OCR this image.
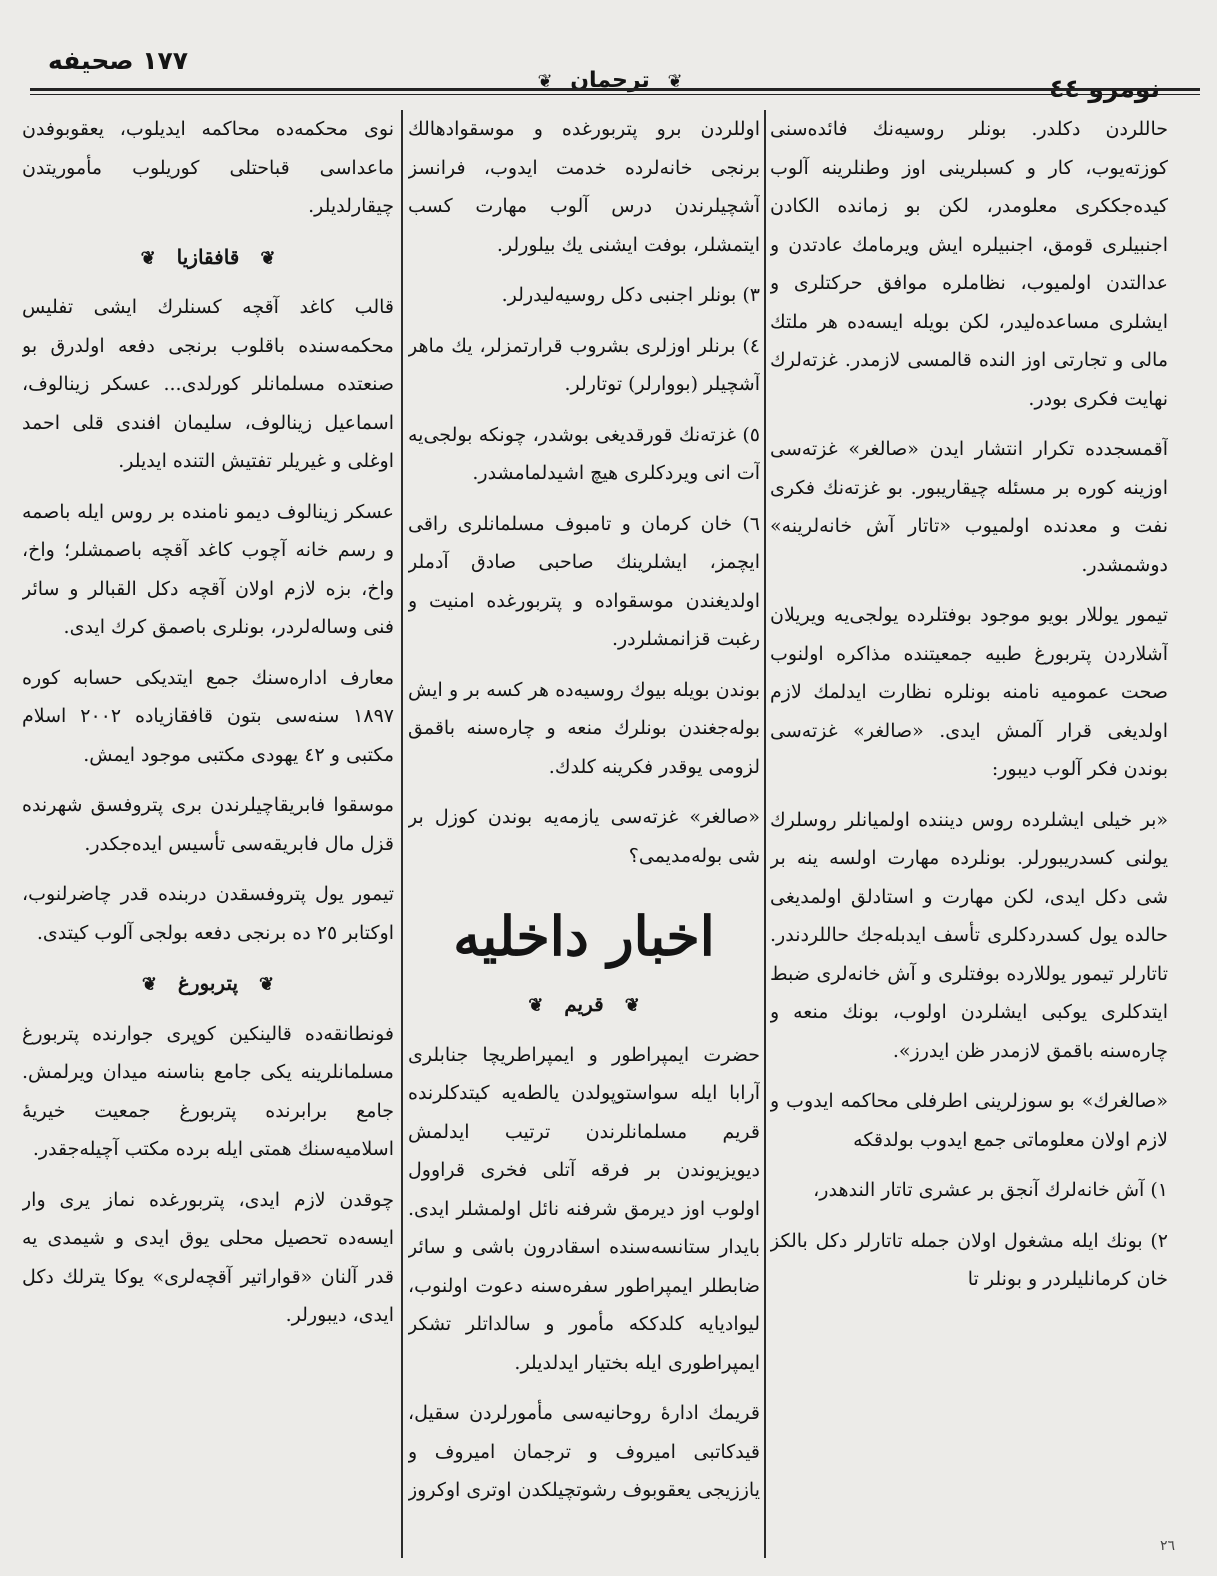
١٧٧ صحيفه
❦ ترجمان ❦	نومرو ٤٤

حاللردن دكلدر. بونلر روسيه‌نك فائده‌سنى كوزته‌يوب، كار و كسبلرينى اوز وطنلرينه آلوب كيده‌جككرى معلومدر، لكن بو زمانده الكادن اجنبيلرى قومق، اجنبيلره ايش ويرمامك عادتدن و عدالتدن اولميوب، نظاملره موافق حركتلرى و ايشلرى مساعده‌ليدر، لكن بويله ايسه‌ده هر ملتك مالى و تجارتى اوز النده قالمسى لازمدر. غزته‌لرك نهايت فكرى بودر.

آقمسجدده تكرار انتشار ايدن «صالغر» غزته‌سى اوزينه كوره بر مسئله چيقاريبور. بو غزته‌نك فكرى نفت و معدنده اولميوب «تاتار آش خانه‌لرينه» دوشمشدر.

تيمور يوللار بويو موجود بوفتلرده يولجى‌يه ويريلان آشلاردن پتربورغ طبيه جمعيتنده مذاكره اولنوب صحت عموميه نامنه بونلره نظارت ايدلمك لازم اولديغى قرار آلمش ايدى. «صالغر» غزته‌سى بوندن فكر آلوب ديبور:

«بر خيلى ايشلرده روس ديننده اولميانلر روسلرك يولنى كسدريبورلر. بونلرده مهارت اولسه ينه بر شى دكل ايدى، لكن مهارت و استادلق اولمديغى حالده يول كسدردكلرى تأسف ايدبله‌جك حاللردندر. تاتارلر تيمور يوللارده بوفتلرى و آش خانه‌لرى ضبط ايتدكلرى يوكبى ايشلردن اولوب، بونك منعه و چاره‌سنه باقمق لازمدر ظن ايدرز».

«صالغرك» بو سوزلرينى اطرفلى محاكمه ايدوب و لازم اولان معلوماتى جمع ايدوب بولدقكه

١) آش خانه‌لرك آنجق بر عشرى تاتار الندهدر،

٢) بونك ايله مشغول اولان جمله تاتارلر دكل بالكز خان كرمانليلردر و بونلر تا

اوللردن برو پتربورغده و موسقوادهالك برنجى خانه‌لرده خدمت ايدوب، فرانسز آشچيلرندن درس آلوب مهارت كسب ايتمشلر، بوفت ايشنى يك بيلورلر.

٣) بونلر اجنبى دكل روسيه‌ليدرلر.

٤) برنلر اوزلرى بشروب قرارتمزلر، يك ماهر آشچيلر (بووارلر) توتارلر.

٥) غزته‌نك قورقديغى بوشدر، چونكه بولجى‌يه آت انى ويردكلرى هيچ اشيدلمامشدر.

٦) خان كرمان و تامبوف مسلمانلرى راقى ايچمز، ايشلرينك صاحبى صادق آدملر اولديغندن موسقواده و پتربورغده امنيت و رغبت قزانمشلردر.

بوندن بويله بيوك روسيه‌ده هر كسه بر و ايش بوله‌جغندن بونلرك منعه و چاره‌سنه باقمق لزومى يوقدر فكرينه كلدك.

«صالغر» غزته‌سى يازمه‌يه بوندن كوزل بر شى بوله‌مديمى؟

اخبار داخليه
❦ قريم ❦

حضرت ايمپراطور و ايمپراطريچا جنابلرى آرابا ايله سواستوپولدن يالطه‌يه كيتدكلرنده قريم مسلمانلرندن ترتيب ايدلمش ديويزيوندن بر فرقه آتلى فخرى قراوول اولوب اوز ديرمق شرفنه نائل اولمشلر ايدى. بايدار ستانسه‌سنده اسقادرون باشى و سائر ضابطلر ايمپراطور سفره‌سنه دعوت اولنوب، ليواديايه كلدككه مأمور و سالداتلر تشكر ايمپراطورى ايله بختيار ايدلديلر.

قريمك ادارۀ روحانيه‌سى مأمورلردن سقيل، قيدكاتبى اميروف و ترجمان اميروف و ياززيجى يعقوبوف رشوتچيلكدن اوترى اوكروز

نوى محكمه‌ده محاكمه ايديلوب، يعقوبوفدن ماعداسى قباحتلى كوريلوب مأموريتدن چيقارلديلر.

❦ قافقازيا ❦

قالب كاغد آقچه كسنلرك ايشى تفليس محكمه‌سنده باقلوب برنجى دفعه اولدرق بو صنعتده مسلمانلر كورلدى... عسكر زينالوف، اسماعيل زينالوف، سليمان افندى قلى احمد اوغلى و غيريلر تفتيش التنده ايديلر.

عسكر زينالوف ديمو نامنده بر روس ايله باصمه و رسم خانه آچوب كاغد آقچه باصمشلر؛ واخ، واخ، بزه لازم اولان آقچه دكل القبالر و سائر فنى وساله‌لردر، بونلرى باصمق كرك ايدى.

معارف اداره‌سنك جمع ايتديكى حسابه كوره ١٨٩٧ سنه‌سى بتون قافقازياده ٢٠٠٢ اسلام مكتبى و ٤٢ يهودى مكتبى موجود ايمش.

موسقوا فابريقاچيلرندن برى پتروفسق شهرنده قزل مال فابريقه‌سى تأسيس ايده‌جكدر.

تيمور يول پتروفسقدن دربنده قدر چاضرلنوب، اوكتابر ٢٥ ده برنجى دفعه بولجى آلوب كيتدى.

❦ پتربورغ ❦

فونطانقه‌ده قالينكين كوپرى جوارنده پتربورغ مسلمانلرينه يكى جامع بناسنه ميدان ويرلمش. جامع برابرنده پتربورغ جمعيت خيريۀ اسلاميه‌سنك همتى ايله برده مكتب آچيله‌جقدر.

چوقدن لازم ايدى، پتربورغده نماز يرى وار ايسه‌ده تحصيل محلى يوق ايدى و شيمدى يه قدر آلنان «قواراتير آقچه‌لرى» يوكا يترلك دكل ايدى، ديبورلر.

٢٦
